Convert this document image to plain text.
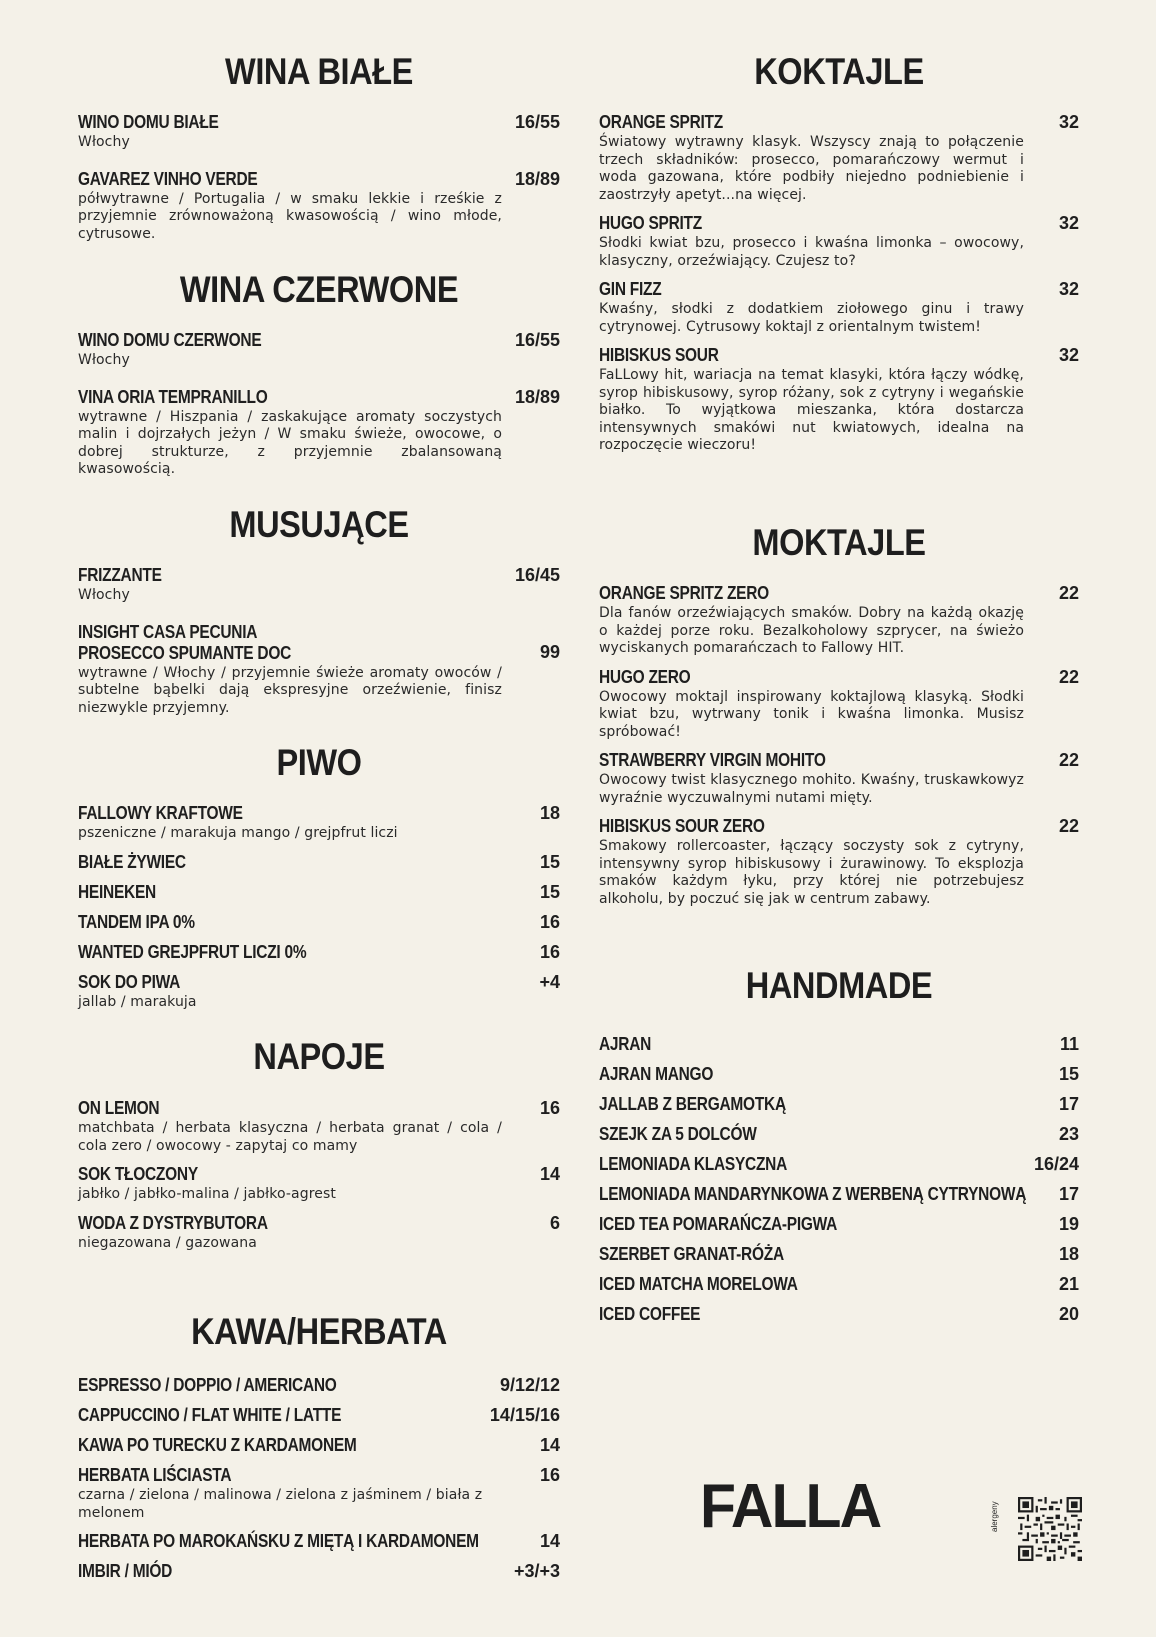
WINA BIAŁE
WINO DOMU BIAŁE	16/55
Włochy
GAVAREZ VINHO VERDE	18/89
półwytrawne / Portugalia / w smaku lekkie i rześkie z przyjemnie zrównoważoną kwasowością / wino młode, cytrusowe.
WINA CZERWONE
WINO DOMU CZERWONE	16/55
Włochy
VINA ORIA TEMPRANILLO	18/89
wytrawne / Hiszpania / zaskakujące aromaty soczystych malin i dojrzałych jeżyn / W smaku świeże, owocowe, o dobrej strukturze, z przyjemnie zbalansowaną kwasowością.
MUSUJĄCE
FRIZZANTE	16/45
Włochy
INSIGHT CASA PECUNIA
PROSECCO SPUMANTE DOC	99
wytrawne / Włochy / przyjemnie świeże aromaty owoców / subtelne bąbelki dają ekspresyjne orzeźwienie, finisz niezwykle przyjemny.
PIWO
FALLOWY KRAFTOWE	18
pszeniczne / marakuja mango / grejpfrut liczi
BIAŁE ŻYWIEC	15
HEINEKEN	15
TANDEM IPA 0%	16
WANTED GREJPFRUT LICZI 0%	16
SOK DO PIWA	+4
jallab / marakuja
NAPOJE
ON LEMON	16
matchbata / herbata klasyczna / herbata granat / cola / cola zero / owocowy - zapytaj co mamy
SOK TŁOCZONY	14
jabłko / jabłko-malina / jabłko-agrest
WODA Z DYSTRYBUTORA	6
niegazowana / gazowana
KAWA/HERBATA
ESPRESSO / DOPPIO / AMERICANO	9/12/12
CAPPUCCINO / FLAT WHITE / LATTE	14/15/16
KAWA PO TURECKU Z KARDAMONEM	14
HERBATA LIŚCIASTA	16
czarna / zielona / malinowa / zielona z jaśminem / biała z melonem
HERBATA PO MAROKAŃSKU Z MIĘTĄ I KARDAMONEM	14
IMBIR / MIÓD	+3/+3
KOKTAJLE
ORANGE SPRITZ	32
Światowy wytrawny klasyk. Wszyscy znają to połączenie trzech składników: prosecco, pomarańczowy wermut i woda gazowana, które podbiły niejedno podniebienie i zaostrzyły apetyt...na więcej.
HUGO SPRITZ	32
Słodki kwiat bzu, prosecco i kwaśna limonka – owocowy, klasyczny, orzeźwiający. Czujesz to?
GIN FIZZ	32
Kwaśny, słodki z dodatkiem ziołowego ginu i trawy cytrynowej. Cytrusowy koktajl z orientalnym twistem!
HIBISKUS SOUR	32
FaLLowy hit, wariacja na temat klasyki, która łączy wódkę, syrop hibiskusowy, syrop różany, sok z cytryny i wegańskie białko. To wyjątkowa mieszanka, która dostarcza intensywnych smakówi nut kwiatowych, idealna na rozpoczęcie wieczoru!
MOKTAJLE
ORANGE SPRITZ ZERO	22
Dla fanów orzeźwiających smaków. Dobry na każdą okazję o każdej porze roku. Bezalkoholowy szprycer, na świeżo wyciskanych pomarańczach to Fallowy HIT.
HUGO ZERO	22
Owocowy moktajl inspirowany koktajlową klasyką. Słodki kwiat bzu, wytrwany tonik i kwaśna limonka. Musisz spróbować!
STRAWBERRY VIRGIN MOHITO	22
Owocowy twist klasycznego mohito. Kwaśny, truskawkowyz wyraźnie wyczuwalnymi nutami mięty.
HIBISKUS SOUR ZERO	22
Smakowy rollercoaster, łączący soczysty sok z cytryny, intensywny syrop hibiskusowy i żurawinowy. To eksplozja smaków każdym łyku, przy której nie potrzebujesz alkoholu, by poczuć się jak w centrum zabawy.
HANDMADE
AJRAN	11
AJRAN MANGO	15
JALLAB Z BERGAMOTKĄ	17
SZEJK ZA 5 DOLCÓW	23
LEMONIADA KLASYCZNA	16/24
LEMONIADA MANDARYNKOWA Z WERBENĄ CYTRYNOWĄ 17
ICED TEA POMARAŃCZA-PIGWA	19
SZERBET GRANAT-RÓŻA	18
ICED MATCHA MORELOWA	21
ICED COFFEE	20
FALLA	alergeny
